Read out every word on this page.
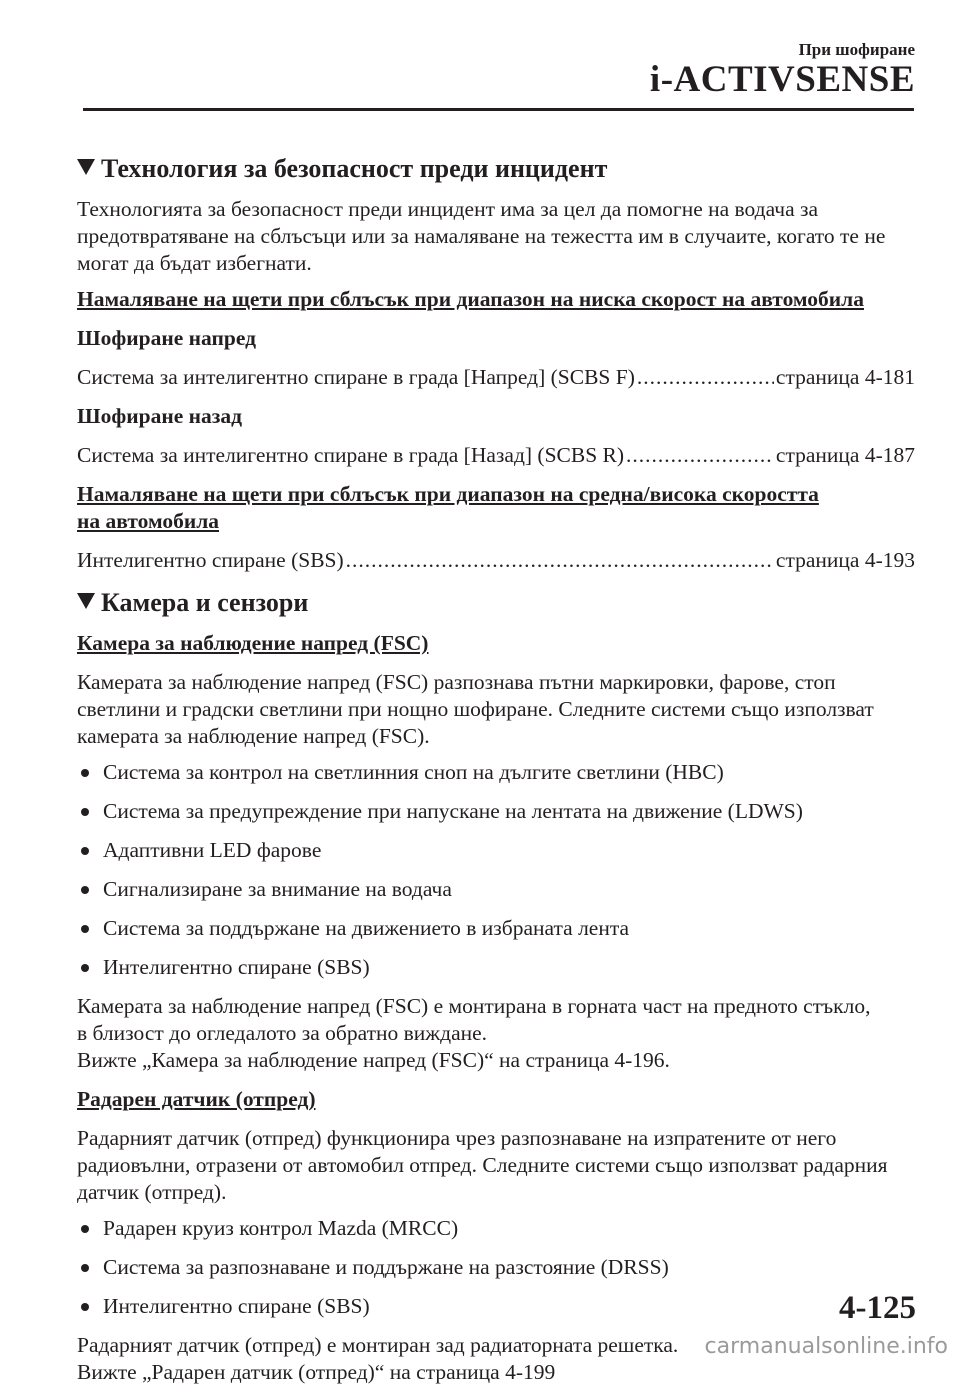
При шофиране
i-ACTIVSENSE
Технология за безопасност преди инцидент

Технологията за безопасност преди инцидент има за цел да помогне на водача за предотвратяване на сблъсъци или за намаляване на тежестта им в случаите, когато те не могат да бъдат избегнати.

Намаляване на щети при сблъсък при диапазон на ниска скорост на автомобила
Шофиране напред
Система за интелигентно спиране в града [Напред] (SCBS F) .....	страница 4-181
Шофиране назад
Система за интелигентно спиране в града [Назад] (SCBS R) .....	страница 4-187
Намаляване на щети при сблъсък при диапазон на средна/висока скоростта
на автомобила
Интелигентно спиране (SBS) .....	страница 4-193
Камера и сензори
Камера за наблюдение напред (FSC)

Камерата за наблюдение напред (FSC) разпознава пътни маркировки, фарове, стоп светлини и градски светлини при нощно шофиране. Следните системи също използват камерата за наблюдение напред (FSC).

Система за контрол на светлинния сноп на дългите светлини (HBC)
Система за предупреждение при напускане на лентата на движение (LDWS)
Адаптивни LED фарове
Сигнализиране за внимание на водача
Система за поддържане на движението в избраната лента
Интелигентно спиране (SBS)

Камерата за наблюдение напред (FSC) е монтирана в горната част на предното стъкло,
в близост до огледалото за обратно виждане.

Вижте „Камера за наблюдение напред (FSC)“ на страница 4-196.

Радарен датчик (отпред)

Радарният датчик (отпред) функционира чрез разпознаване на изпратените от него радиовълни, отразени от автомобил отпред. Следните системи също използват радарния датчик (отпред).

Радарен круиз контрол Mazda (MRCC)
Система за разпознаване и поддържане на разстояние (DRSS)
Интелигентно спиране (SBS)

Радарният датчик (отпред) е монтиран зад радиаторната решетка.

Вижте „Радарен датчик (отпред)“ на страница 4-199

4-125
carmanualsonline.info
